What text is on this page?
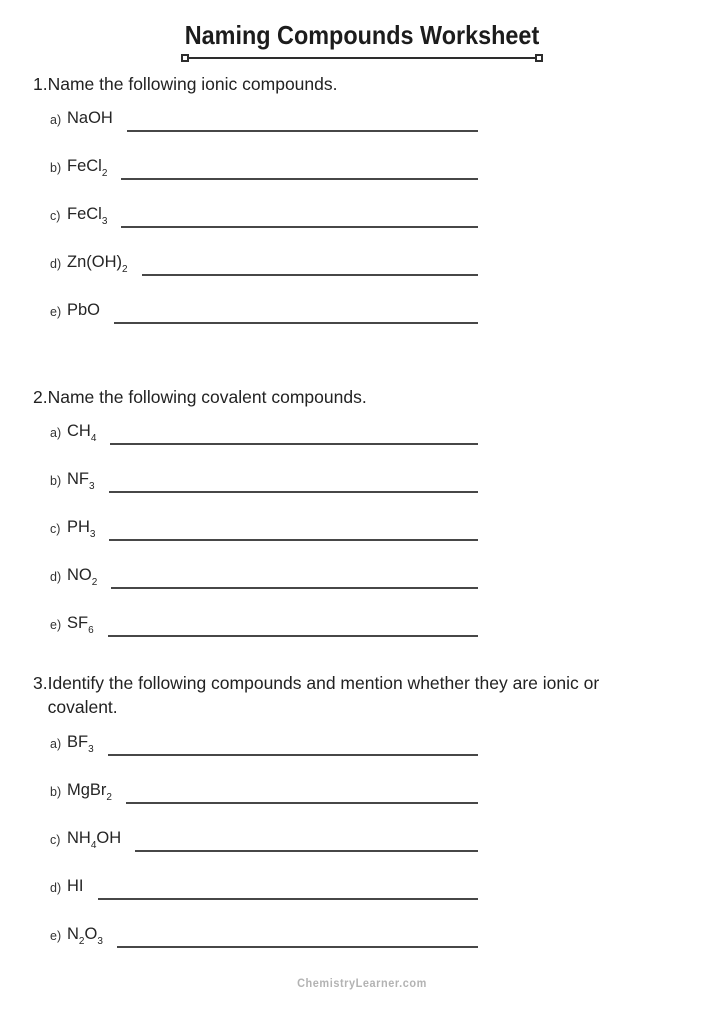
Naming Compounds Worksheet
1. Name the following ionic compounds.
a) NaOH
b) FeCl$_2$
c) FeCl$_3$
d) $Zn(OH)_2$
e) PbO
2. Name the following covalent compounds.
a) $CH_4$
b) $NF_3$
c) $PH_3$
d) $NO_2$
e) $SF_6$
3. Identify the following compounds and mention whether they are ionic or covalent.
a) $BF_3$
b) MgBr$_2$
c) $NH_4OH$
d) HI
e) $N_2O_3$
ChemistryLearner.com
